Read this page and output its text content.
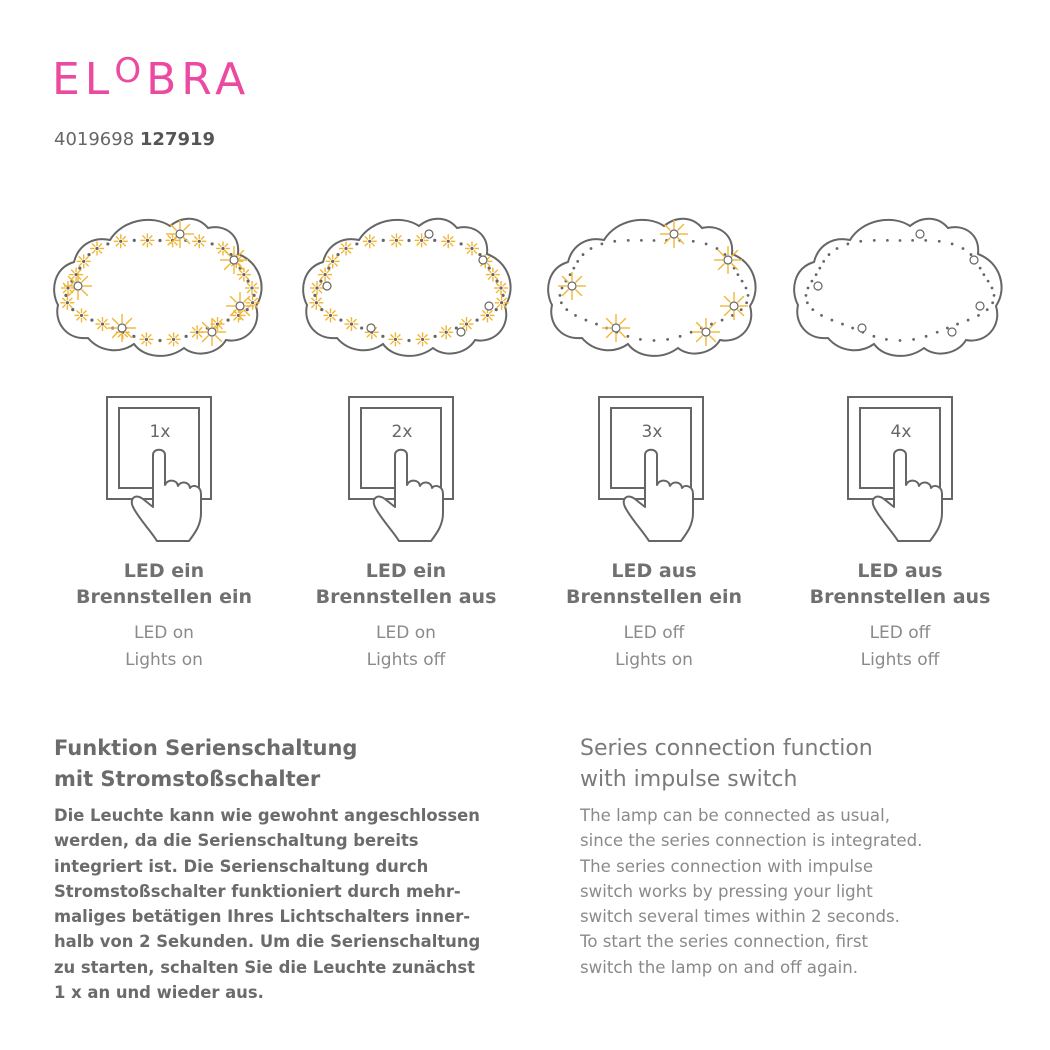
$EL^OBRA$
4019698 127919
1x	2x	3x	4x
LED ein
Brennstellen ein
LED on
Lights on
LED ein
Brennstellen aus
LED on
Lights off
LED aus
Brennstellen ein
LED off
Lights on
LED aus
Brennstellen aus
LED off
Lights off
Funktion Serienschaltung
mit Stromstoßschalter
Die Leuchte kann wie gewohnt angeschlossen
werden, da die Serienschaltung bereits
integriert ist. Die Serienschaltung durch
Stromstoßschalter funktioniert durch mehr-
maliges betätigen Ihres Lichtschalters inner-
halb von 2 Sekunden. Um die Serienschaltung
zu starten, schalten Sie die Leuchte zunächst
1 x an und wieder aus.
Series connection function
with impulse switch
The lamp can be connected as usual,
since the series connection is integrated.
The series connection with impulse
switch works by pressing your light
switch several times within 2 seconds.
To start the series connection, first
switch the lamp on and off again.
